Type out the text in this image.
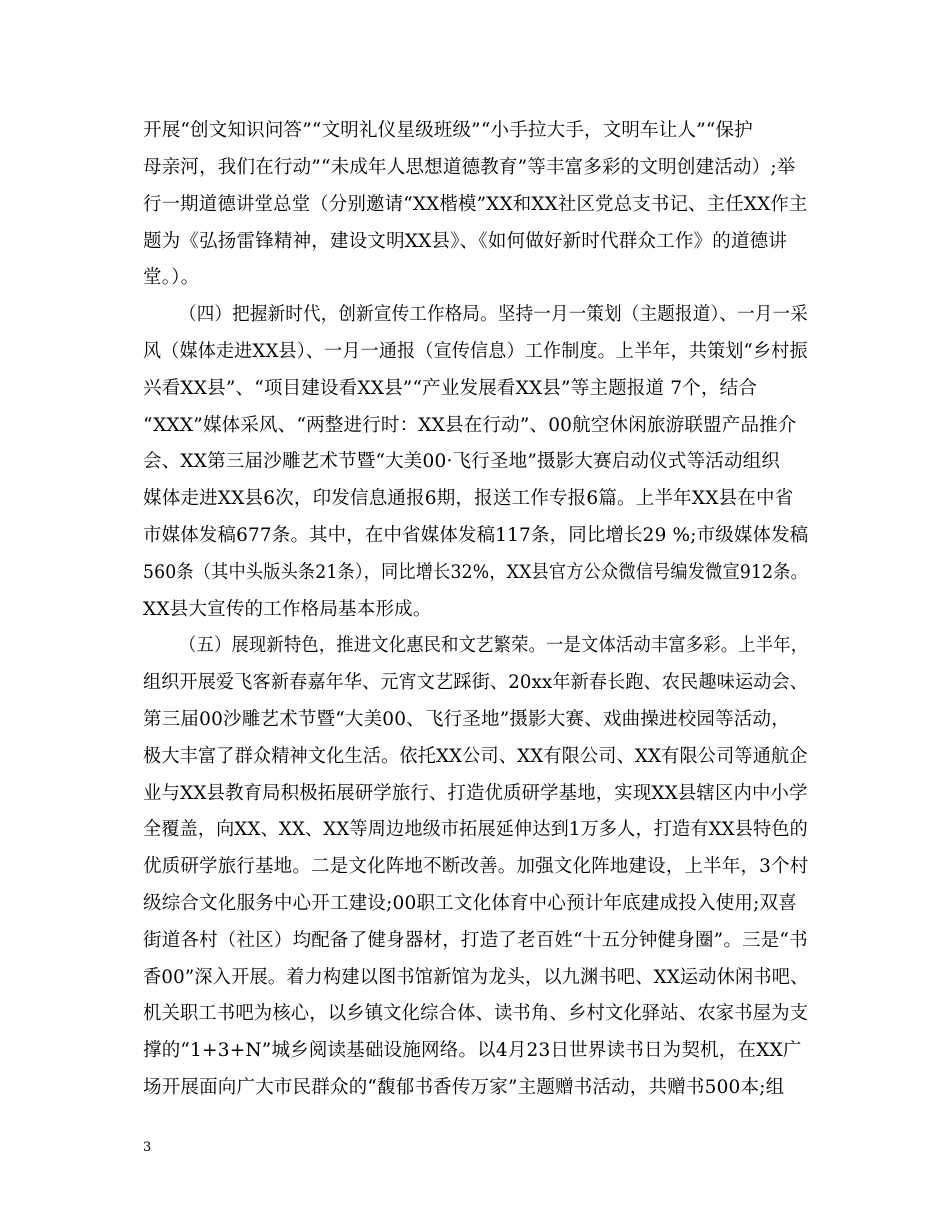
开展“创文知识问答”“文明礼仪星级班级”“小手拉大手，文明车让人”“保护
母亲河，我们在行动”“未成年人思想道德教育”等丰富多彩的文明创建活动）;举
行一期道德讲堂总堂（分别邀请“XX楷模”XX和XX社区党总支书记、主任XX作主
题为《弘扬雷锋精神，建设文明XX县》、《如何做好新时代群众工作》的道德讲
堂。）。
（四）把握新时代，创新宣传工作格局。坚持一月一策划（主题报道）、一月一采
风（媒体走进XX县）、一月一通报（宣传信息）工作制度。上半年，共策划“乡村振
兴看XX县”、“项目建设看XX县”“产业发展看XX县”等主题报道 7个，结合
“XXX”媒体采风、“两整进行时：XX县在行动”、00航空休闲旅游联盟产品推介
会、XX第三届沙雕艺术节暨“大美00·飞行圣地”摄影大赛启动仪式等活动组织
媒体走进XX县6次，印发信息通报6期，报送工作专报6篇。上半年XX县在中省
市媒体发稿677条。其中，在中省媒体发稿117条，同比增长29 %;市级媒体发稿
560条（其中头版头条21条），同比增长32%，XX县官方公众微信号编发微宣912条。
XX县大宣传的工作格局基本形成。
（五）展现新特色，推进文化惠民和文艺繁荣。一是文体活动丰富多彩。上半年，
组织开展爱飞客新春嘉年华、元宵文艺踩街、20xx年新春长跑、农民趣味运动会、
第三届00沙雕艺术节暨“大美00、飞行圣地”摄影大赛、戏曲操进校园等活动，
极大丰富了群众精神文化生活。依托XX公司、XX有限公司、XX有限公司等通航企
业与XX县教育局积极拓展研学旅行、打造优质研学基地，实现XX县辖区内中小学
全覆盖，向XX、XX、XX等周边地级市拓展延伸达到1万多人，打造有XX县特色的
优质研学旅行基地。二是文化阵地不断改善。加强文化阵地建设，上半年，3个村
级综合文化服务中心开工建设;00职工文化体育中心预计年底建成投入使用;双喜
街道各村（社区）均配备了健身器材，打造了老百姓“十五分钟健身圈”。三是“书
香00”深入开展。着力构建以图书馆新馆为龙头，以九渊书吧、XX运动休闲书吧、
机关职工书吧为核心，以乡镇文化综合体、读书角、乡村文化驿站、农家书屋为支
撑的“1+3+N”城乡阅读基础设施网络。以4月23日世界读书日为契机，在XX广
场开展面向广大市民群众的“馥郁书香传万家”主题赠书活动，共赠书500本;组
3
